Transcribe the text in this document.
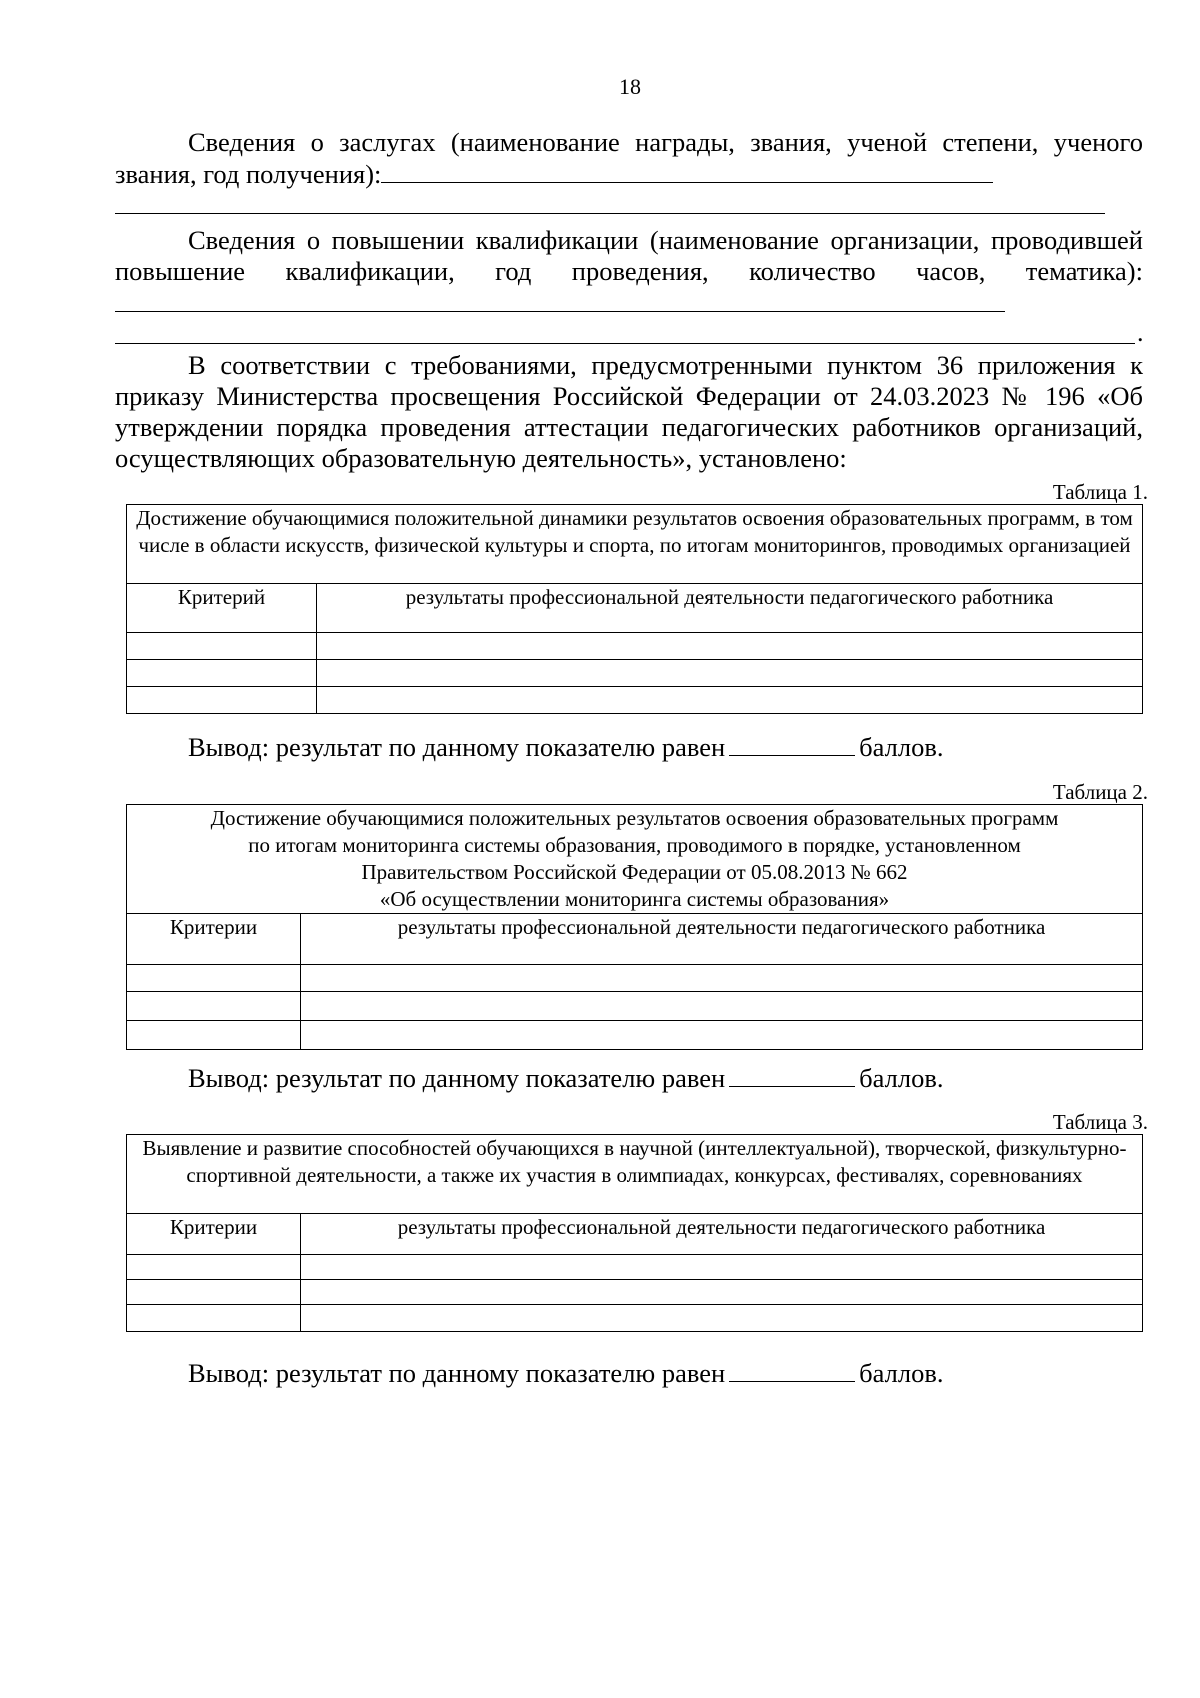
18
Сведения о заслугах (наименование награды, звания, ученой степени, ученого звания, год получения):
Сведения о повышении квалификации (наименование организации, проводившей повышение квалификации, год проведения, количество часов, тематика):
.
В соответствии с требованиями, предусмотренными пунктом 36 приложения к приказу Министерства просвещения Российской Федерации от 24.03.2023 № 196 «Об утверждении порядка проведения аттестации педагогических работников организаций, осуществляющих образовательную деятельность», установлено:
Таблица 1.
Достижение обучающимися положительной динамики результатов освоения образовательных программ, в том числе в области искусств, физической культуры и спорта, по итогам мониторингов, проводимых организацией	
Критерий	результаты профессиональной деятельности педагогического работника

Вывод: результат по данному показателю равен	баллов.
Таблица 2.
Достижение обучающимися положительных результатов освоения образовательных программ
по итогам мониторинга системы образования, проводимого в порядке, установленном
Правительством Российской Федерации от 05.08.2013 № 662
«Об осуществлении мониторинга системы образования»	

Критерии	результаты профессиональной деятельности педагогического работника

Вывод: результат по данному показателю равен	баллов.
Таблица 3.
Выявление и развитие способностей обучающихся в научной (интеллектуальной), творческой, физкультурно-спортивной деятельности, а также их участия в олимпиадах, конкурсах, фестивалях, соревнованиях	
Критерии	результаты профессиональной деятельности педагогического работника

Вывод: результат по данному показателю равен	баллов.
